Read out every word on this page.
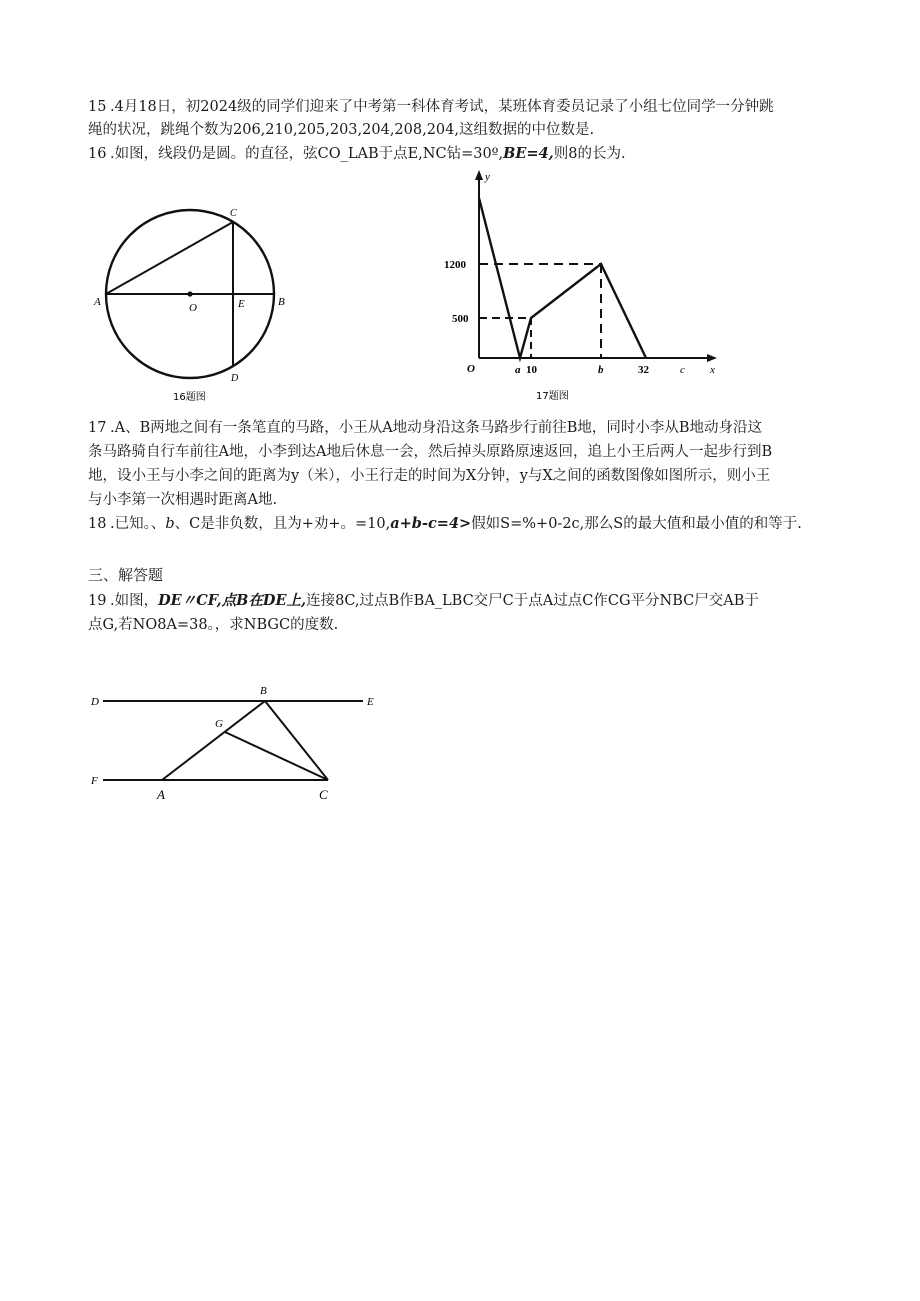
15 .4月18日，初2024级的同学们迎来了中考第一科体育考试，某班体育委员记录了小组七位同学一分钟跳
绳的状况，跳绳个数为206,210,205,203,204,208,204,这组数据的中位数是.
16 .如图，线段仍是圆。的直径，弦CO_LAB于点E,NC钻=30º,BE=4,则8的长为.
A	O	E	B
C
D
16题图
y
1200
500
O	a 10	b	32	c x
17题图
17 .A、B两地之间有一条笔直的马路，小王从A地动身沿这条马路步行前往B地，同时小李从B地动身沿这
条马路骑自行车前往A地，小李到达A地后休息一会，然后掉头原路原速返回，追上小王后两人一起步行到B
地，设小王与小李之间的距离为y（米），小王行走的时间为X分钟，y与X之间的函数图像如图所示，则小王
与小李第一次相遇时距离A地.
18 .已知。、b、C是非负数，且为+劝+。=10,a+b-c=4>假如S=%+0-2c,那么S的最大值和最小值的和等于.
三、解答题
19 .如图，DE〃CF,点B在DE上,连接8C,过点B作BA_LBC交尸C于点A过点C作CG平分NBC尸交AB于
点G,若NO8A=38。，求NBGC的度数.
D
B
E
G
F
A	C
